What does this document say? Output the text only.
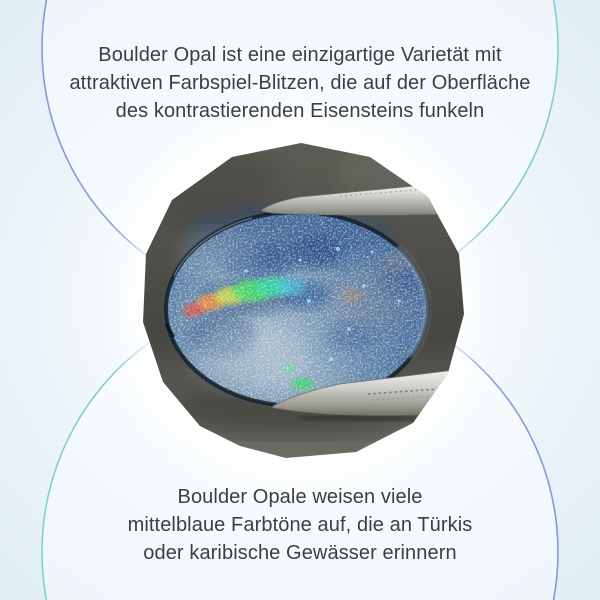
Boulder Opal ist eine einzigartige Varietät mit
attraktiven Farbspiel-Blitzen, die auf der Oberfläche
des kontrastierenden Eisensteins funkeln
Boulder Opale weisen viele
mittelblaue Farbtöne auf, die an Türkis
oder karibische Gewässer erinnern
